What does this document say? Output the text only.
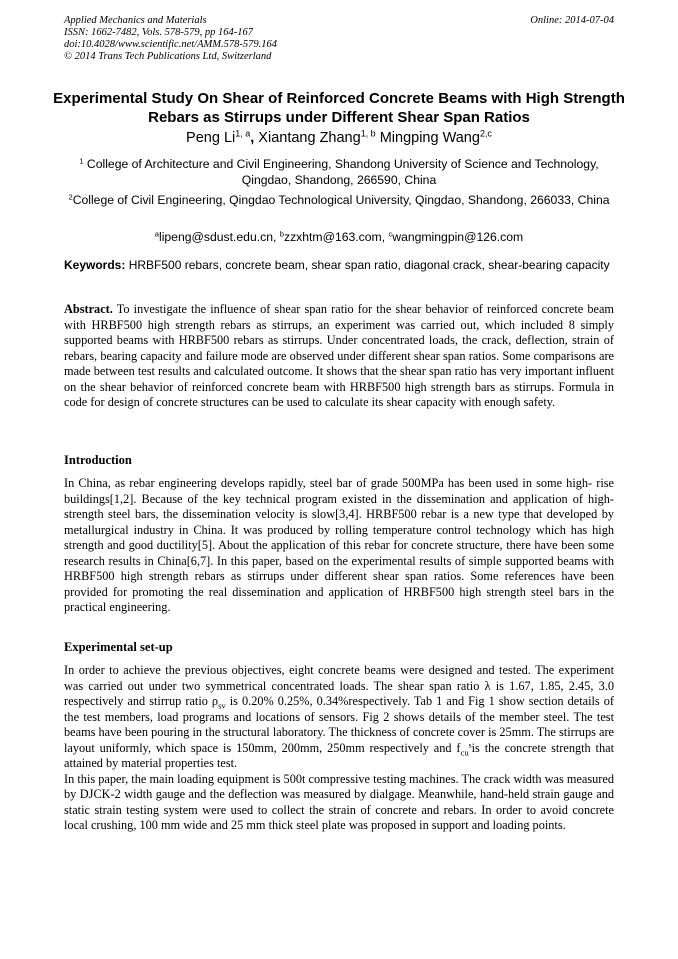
Applied Mechanics and Materials
ISSN: 1662-7482, Vols. 578-579, pp 164-167
doi:10.4028/www.scientific.net/AMM.578-579.164
© 2014 Trans Tech Publications Ltd, Switzerland
Online: 2014-07-04
Experimental Study On Shear of Reinforced Concrete Beams with High Strength Rebars as Stirrups under Different Shear Span Ratios
Peng Li$^{1, a}$, Xiantang Zhang$^{1, b}$ Mingping Wang$^{2,c}$
$^1$ College of Architecture and Civil Engineering, Shandong University of Science and Technology, Qingdao, Shandong, 266590, China
$^2$College of Civil Engineering, Qingdao Technological University, Qingdao, Shandong, 266033, China
$^a$lipeng@sdust.edu.cn, $^b$zzxhtm@163.com, $^c$wangmingpin@126.com
Keywords: HRBF500 rebars, concrete beam, shear span ratio, diagonal crack, shear-bearing capacity
Abstract. To investigate the influence of shear span ratio for the shear behavior of reinforced concrete beam with HRBF500 high strength rebars as stirrups, an experiment was carried out, which included 8 simply supported beams with HRBF500 rebars as stirrups. Under concentrated loads, the crack, deflection, strain of rebars, bearing capacity and failure mode are observed under different shear span ratios. Some comparisons are made between test results and calculated outcome. It shows that the shear span ratio has very important influent on the shear behavior of reinforced concrete beam with HRBF500 high strength bars as stirrups. Formula in code for design of concrete structures can be used to calculate its shear capacity with enough safety.
Introduction
In China, as rebar engineering develops rapidly, steel bar of grade 500MPa has been used in some high- rise buildings[1,2]. Because of the key technical program existed in the dissemination and application of high-strength steel bars, the dissemination velocity is slow[3,4]. HRBF500 rebar is a new type that developed by metallurgical industry in China. It was produced by rolling temperature control technology which has high strength and good ductility[5]. About the application of this rebar for concrete structure, there have been some research results in China[6,7]. In this paper, based on the experimental results of simple supported beams with HRBF500 high strength rebars as stirrups under different shear span ratios. Some references have been provided for promoting the real dissemination and application of HRBF500 high strength steel bars in the practical engineering.
Experimental set-up
In order to achieve the previous objectives, eight concrete beams were designed and tested. The experiment was carried out under two symmetrical concentrated loads. The shear span ratio λ is 1.67, 1.85, 2.45, 3.0 respectively and stirrup ratio $\rho_{sv}$ is 0.20% 0.25%, 0.34%respectively. Tab 1 and Fig 1 show section details of the test members, load programs and locations of sensors. Fig 2 shows details of the member steel. The test beams have been pouring in the structural laboratory. The thickness of concrete cover is 25mm. The stirrups are layout uniformly, which space is 150mm, 200mm, 250mm respectively and $f_{cu}^sis$ the concrete strength that attained by material properties test.
In this paper, the main loading equipment is 500t compressive testing machines. The crack width was measured by DJCK-2 width gauge and the deflection was measured by dialgage. Meanwhile, hand-held strain gauge and static strain testing system were used to collect the strain of concrete and rebars. In order to avoid concrete local crushing, 100 mm wide and 25 mm thick steel plate was proposed in support and loading points.
